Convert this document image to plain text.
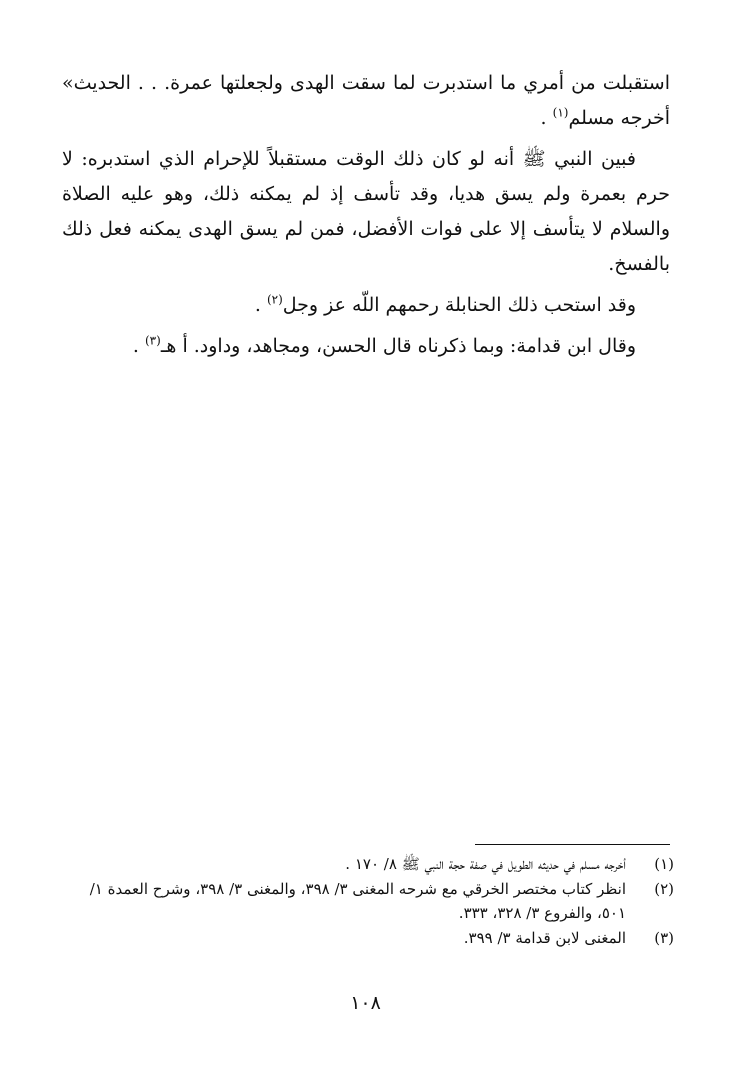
استقبلت من أمري ما استدبرت لما سقت الهدى ولجعلتها عمرة. . . الحديث» أخرجه مسلم$^{(١)}$ .

فبين النبي ﷺ أنه لو كان ذلك الوقت مستقبلاً للإحرام الذي استدبره: لا حرم بعمرة ولم يسق هديا، وقد تأسف إذ لم يمكنه ذلك، وهو عليه الصلاة والسلام لا يتأسف إلا على فوات الأفضل، فمن لم يسق الهدى يمكنه فعل ذلك بالفسخ.

وقد استحب ذلك الحنابلة رحمهم اللّه عز وجل$^{(٢)}$ .

وقال ابن قدامة: وبما ذكرناه قال الحسن، ومجاهد، وداود. أ هـ$^{(٣)}$ .

(١)
أخرجه مسلم في حديثه الطويل في صفة حجة النبي ﷺ ٨/ ١٧٠ .
(٢)
انظر كتاب مختصر الخرقي مع شرحه المغنى ٣/ ٣٩٨، والمغنى ٣/ ٣٩٨، وشرح العمدة ١/ ٥٠١، والفروع ٣/ ٣٢٨، ٣٣٣.
(٣)
المغنى لابن قدامة ٣/ ٣٩٩.
١٠٨
